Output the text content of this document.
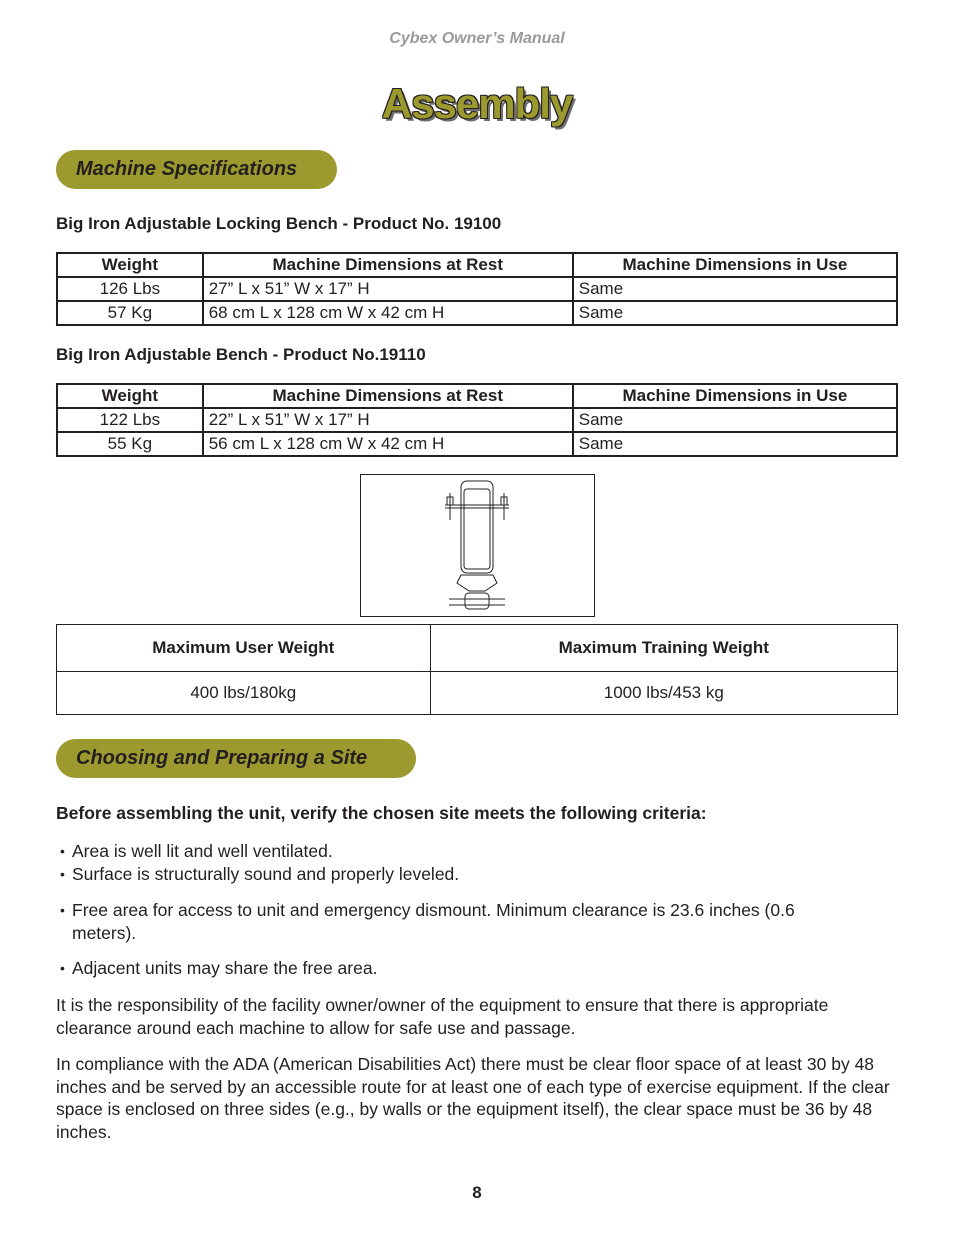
Cybex Owner’s Manual
Assembly
Machine Specifications
Big Iron Adjustable Locking Bench - Product No. 19100
Weight	Machine Dimensions at Rest	Machine Dimensions in Use
126 Lbs	27” L x 51” W x 17” H	Same
57 Kg	68 cm L x 128 cm W x 42 cm H	Same
Big Iron Adjustable Bench - Product No.19110
Weight	Machine Dimensions at Rest	Machine Dimensions in Use
122 Lbs	22” L x 51” W x 17” H	Same
55 Kg	56 cm L x 128 cm W x 42 cm H	Same
Maximum User Weight	Maximum Training Weight
400 lbs/180kg	1000 lbs/453 kg
Choosing and Preparing a Site
Before assembling the unit, verify the chosen site meets the following criteria:
• Area is well lit and well ventilated.
• Surface is structurally sound and properly leveled.
• Free area for access to unit and emergency dismount. Minimum clearance is 23.6 inches (0.6 meters).
• Adjacent units may share the free area.

It is the responsibility of the facility owner/owner of the equipment to ensure that there is appropriate clearance around each machine to allow for safe use and passage.

In compliance with the ADA (American Disabilities Act) there must be clear floor space of at least 30 by 48 inches and be served by an accessible route for at least one of each type of exercise equipment. If the clear space is enclosed on three sides (e.g., by walls or the equipment itself), the clear space must be 36 by 48 inches.

8
